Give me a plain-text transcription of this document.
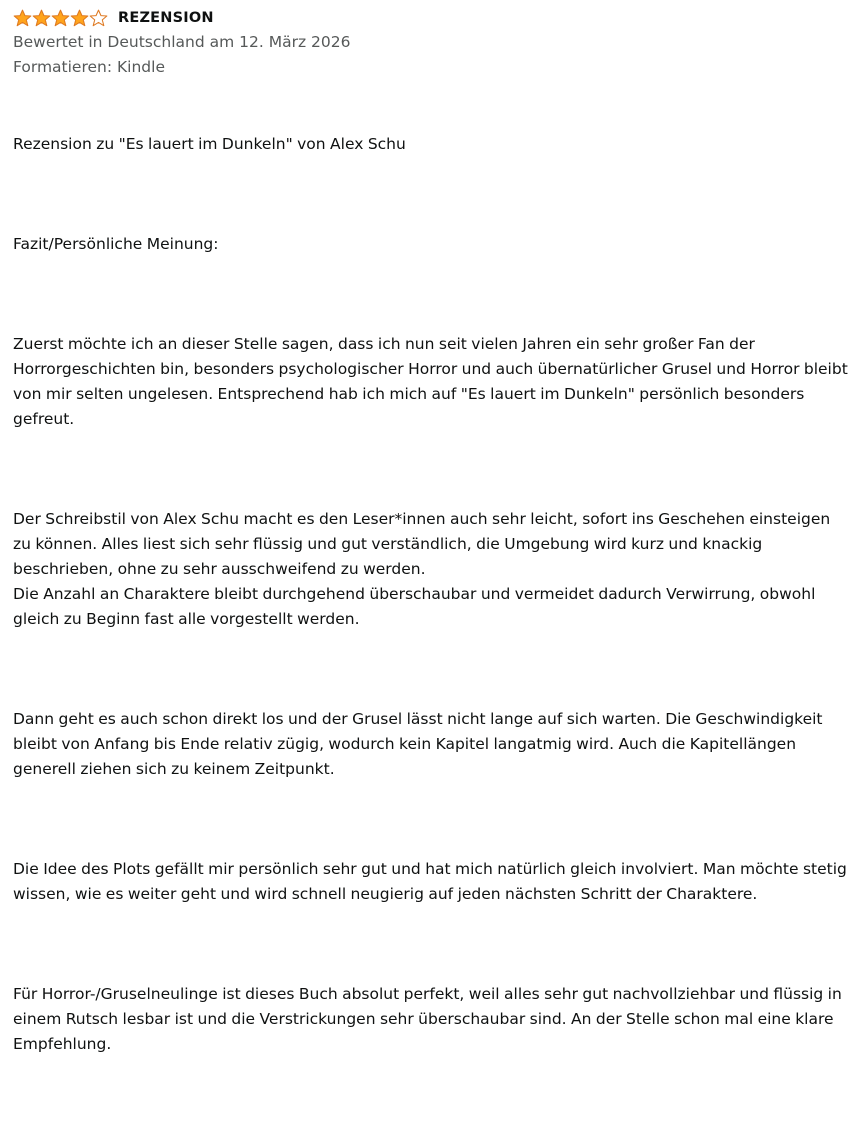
REZENSION
Bewertet in Deutschland am 12. März 2026
Formatieren: Kindle

Rezension zu "Es lauert im Dunkeln" von Alex Schu

Fazit/Persönliche Meinung:

Zuerst möchte ich an dieser Stelle sagen, dass ich nun seit vielen Jahren ein sehr großer Fan der Horrorgeschichten bin, besonders psychologischer Horror und auch übernatürlicher Grusel und Horror bleibt von mir selten ungelesen. Entsprechend hab ich mich auf "Es lauert im Dunkeln" persönlich besonders gefreut.

Der Schreibstil von Alex Schu macht es den Leser*innen auch sehr leicht, sofort ins Geschehen einsteigen zu können. Alles liest sich sehr flüssig und gut verständlich, die Umgebung wird kurz und knackig beschrieben, ohne zu sehr ausschweifend zu werden.
Die Anzahl an Charaktere bleibt durchgehend überschaubar und vermeidet dadurch Verwirrung, obwohl gleich zu Beginn fast alle vorgestellt werden.

Dann geht es auch schon direkt los und der Grusel lässt nicht lange auf sich warten. Die Geschwindigkeit bleibt von Anfang bis Ende relativ zügig, wodurch kein Kapitel langatmig wird. Auch die Kapitellängen generell ziehen sich zu keinem Zeitpunkt.

Die Idee des Plots gefällt mir persönlich sehr gut und hat mich natürlich gleich involviert. Man möchte stetig wissen, wie es weiter geht und wird schnell neugierig auf jeden nächsten Schritt der Charaktere.

Für Horror-/Gruselneulinge ist dieses Buch absolut perfekt, weil alles sehr gut nachvollziehbar und flüssig in einem Rutsch lesbar ist und die Verstrickungen sehr überschaubar sind. An der Stelle schon mal eine klare Empfehlung.
